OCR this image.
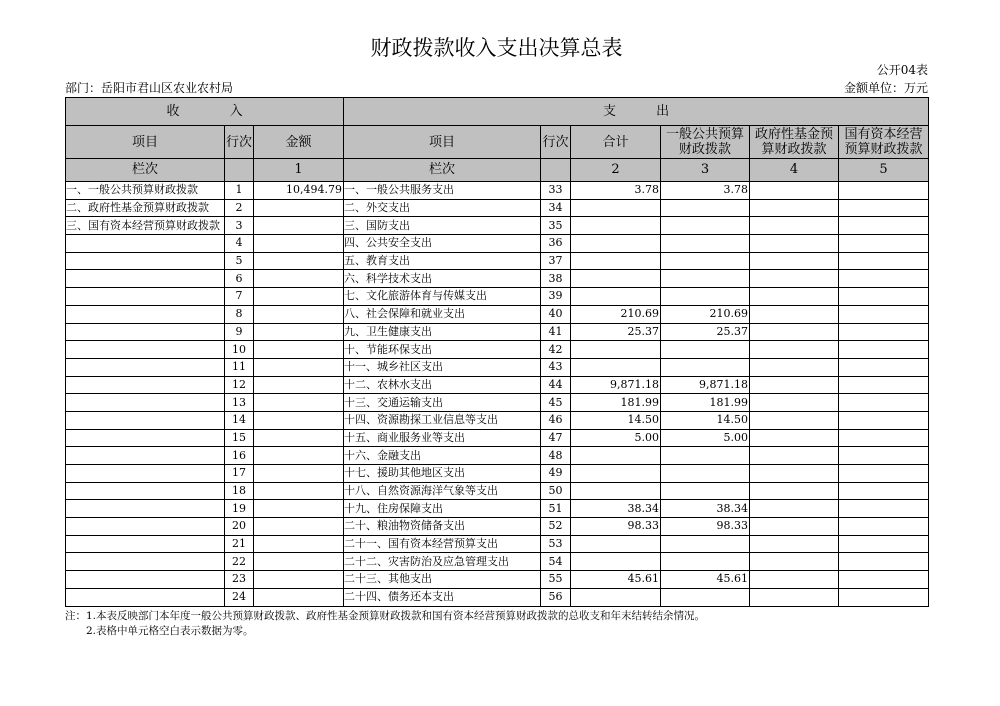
财政拨款收入支出决算总表
公开04表
部门：岳阳市君山区农业农村局	金额单位：万元
收 入			支 出					
项目	行次	金额	项目	行次	合计	一般公共预算财政拨款	政府性基金预算财政拨款	国有资本经营预算财政拨款
栏次		1	栏次		2	3	4	5
一、一般公共预算财政拨款	1	10,494.79	一、一般公共服务支出	33	3.78	3.78		
二、政府性基金预算财政拨款	2		二、外交支出	34				
三、国有资本经营预算财政拨款	3		三、国防支出	35				
	4		四、公共安全支出	36				
	5		五、教育支出	37				
	6		六、科学技术支出	38				
	7		七、文化旅游体育与传媒支出	39				
	8		八、社会保障和就业支出	40	210.69	210.69		
	9		九、卫生健康支出	41	25.37	25.37		
	10		十、节能环保支出	42				
	11		十一、城乡社区支出	43				
	12		十二、农林水支出	44	9,871.18	9,871.18		
	13		十三、交通运输支出	45	181.99	181.99		
	14		十四、资源勘探工业信息等支出	46	14.50	14.50		
	15		十五、商业服务业等支出	47	5.00	5.00		
	16		十六、金融支出	48				
	17		十七、援助其他地区支出	49				
	18		十八、自然资源海洋气象等支出	50				
	19		十九、住房保障支出	51	38.34	38.34		
	20		二十、粮油物资储备支出	52	98.33	98.33		
	21		二十一、国有资本经营预算支出	53				
	22		二十二、灾害防治及应急管理支出	54				
	23		二十三、其他支出	55	45.61	45.61		
	24		二十四、债务还本支出	56				
注：1.本表反映部门本年度一般公共预算财政拨款、政府性基金预算财政拨款和国有资本经营预算财政拨款的总收支和年末结转结余情况。
2.表格中单元格空白表示数据为零。
